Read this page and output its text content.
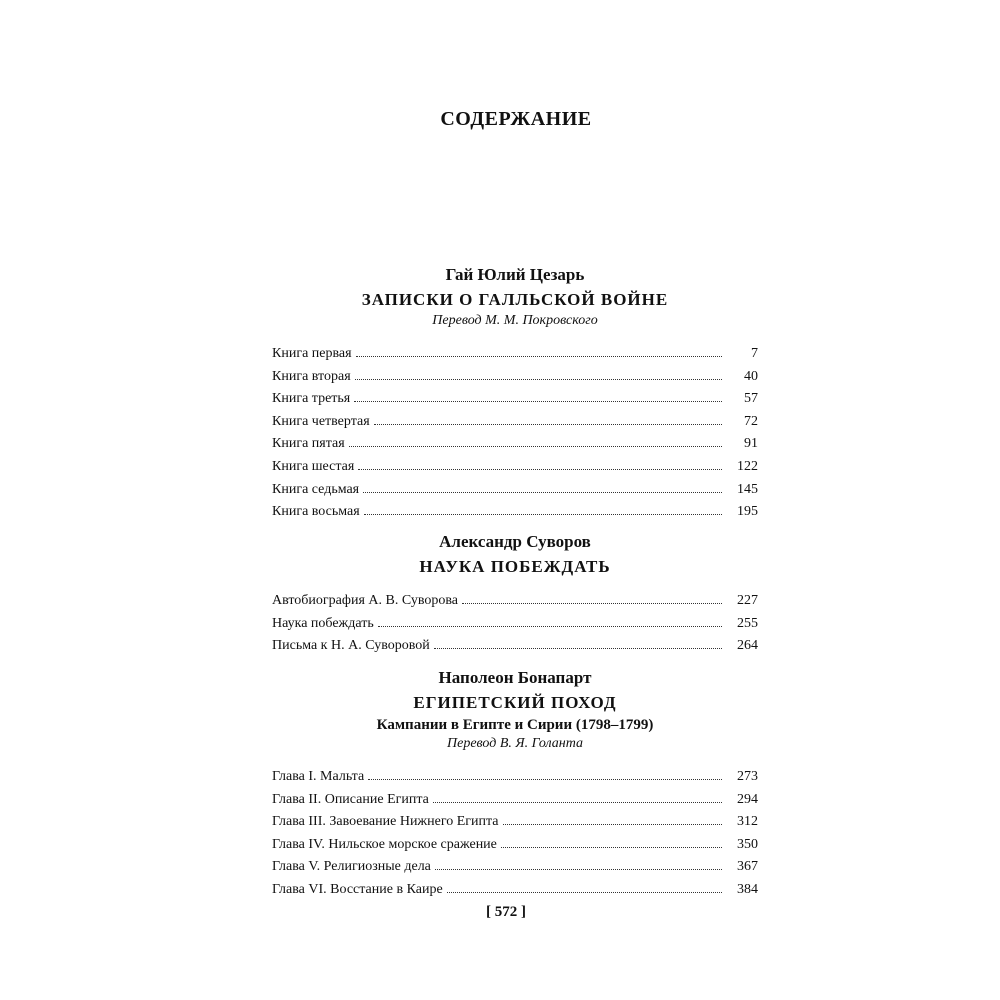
СОДЕРЖАНИЕ
Гай Юлий Цезарь
ЗАПИСКИ О ГАЛЛЬСКОЙ ВОЙНЕ
Перевод М. М. Покровского
Книга первая	7
Книга вторая	40
Книга третья	57
Книга четвертая	72
Книга пятая	91
Книга шестая	122
Книга седьмая	145
Книга восьмая	195
Александр Суворов
НАУКА ПОБЕЖДАТЬ
Автобиография А. В. Суворова	227
Наука побеждать	255
Письма к Н. А. Суворовой	264
Наполеон Бонапарт
ЕГИПЕТСКИЙ ПОХОД
Кампании в Египте и Сирии (1798–1799)
Перевод В. Я. Голанта
Глава I. Мальта	273
Глава II. Описание Египта	294
Глава III. Завоевание Нижнего Египта	312
Глава IV. Нильское морское сражение	350
Глава V. Религиозные дела	367
Глава VI. Восстание в Каире	384
[ 572 ]
